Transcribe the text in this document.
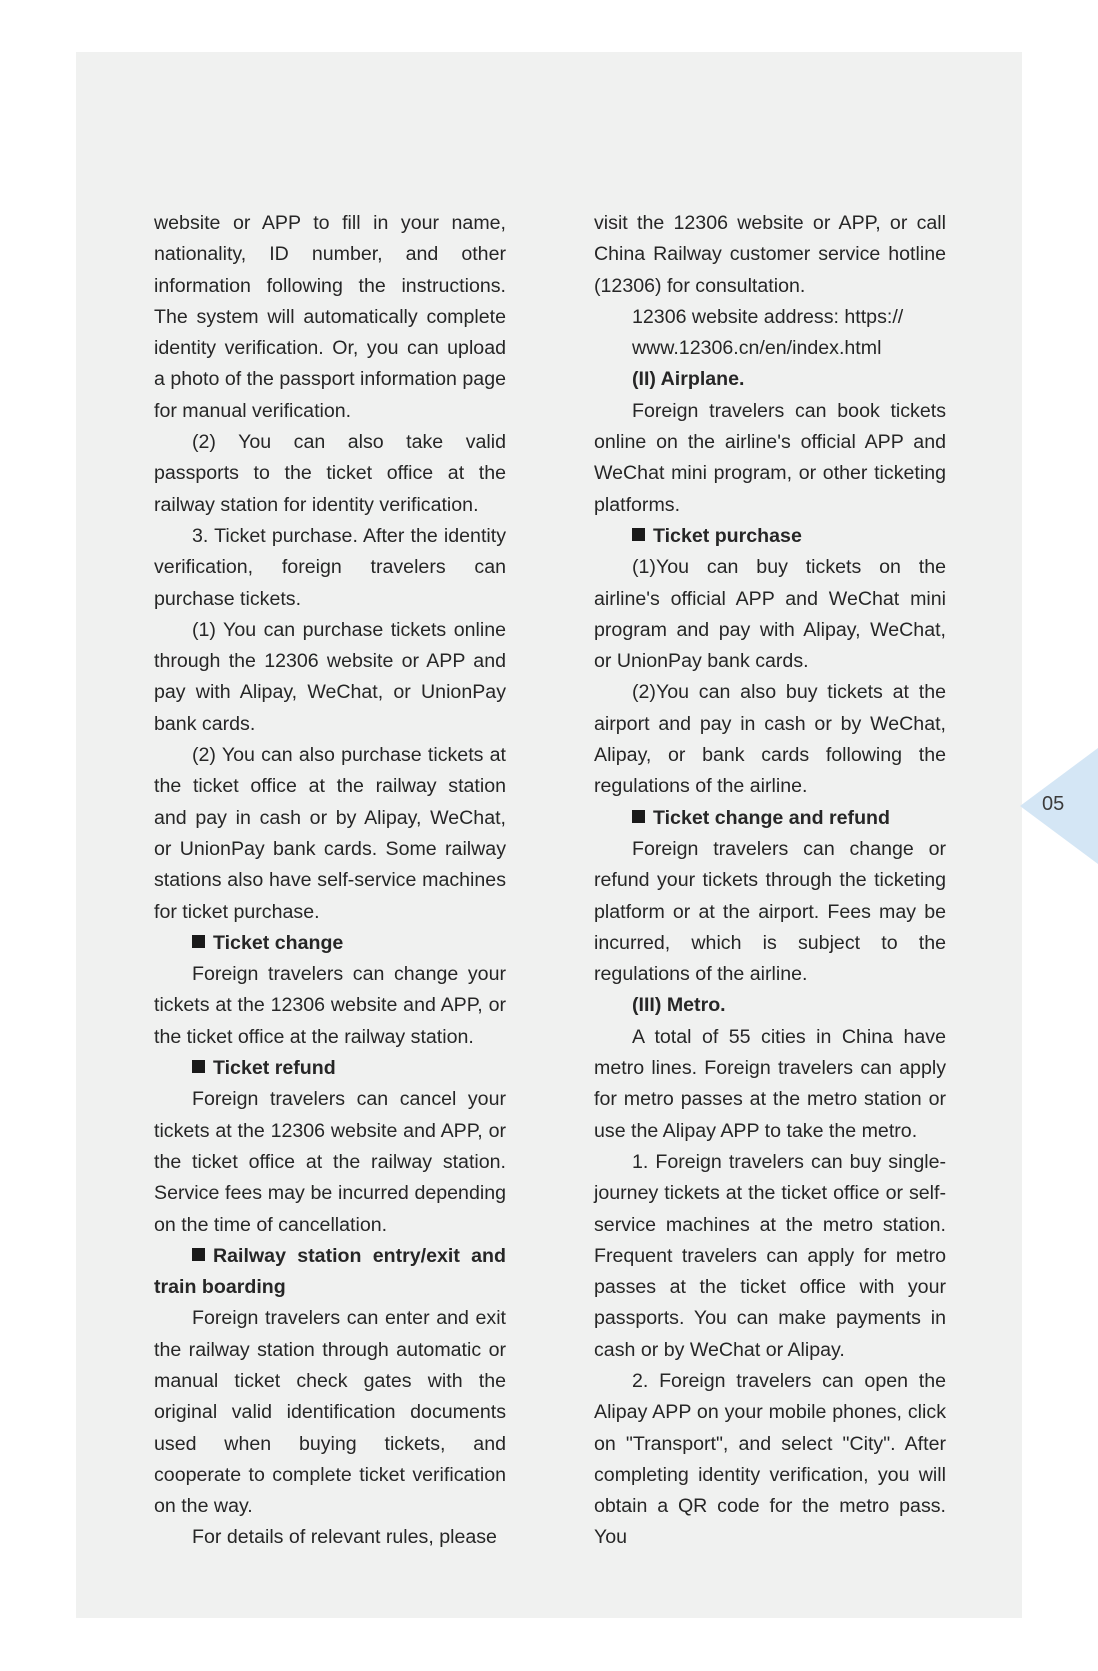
website or APP to fill in your name, nationality, ID number, and other information following the instructions. The system will automatically complete identity verification. Or, you can upload a photo of the passport information page for manual verification.

(2) You can also take valid passports to the ticket office at the railway station for identity verification.

3. Ticket purchase. After the identity verification, foreign travelers can purchase tickets.

(1) You can purchase tickets online through the 12306 website or APP and pay with Alipay, WeChat, or UnionPay bank cards.

(2) You can also purchase tickets at the ticket office at the railway station and pay in cash or by Alipay, WeChat, or UnionPay bank cards. Some railway stations also have self-service machines for ticket purchase.

Ticket change

Foreign travelers can change your tickets at the 12306 website and APP, or the ticket office at the railway station.

Ticket refund

Foreign travelers can cancel your tickets at the 12306 website and APP, or the ticket office at the railway station. Service fees may be incurred depending on the time of cancellation.

Railway station entry/exit and train boarding

Foreign travelers can enter and exit the railway station through automatic or manual ticket check gates with the original valid identification documents used when buying tickets, and cooperate to complete ticket verification on the way.

For details of relevant rules, please

visit the 12306 website or APP, or call China Railway customer service hotline (12306) for consultation.

12306 website address: https://

www.12306.cn/en/index.html

(II) Airplane.

Foreign travelers can book tickets online on the airline's official APP and WeChat mini program, or other ticketing platforms.

Ticket purchase

(1)You can buy tickets on the airline's official APP and WeChat mini program and pay with Alipay, WeChat, or UnionPay bank cards.

(2)You can also buy tickets at the airport and pay in cash or by WeChat, Alipay, or bank cards following the regulations of the airline.

Ticket change and refund

Foreign travelers can change or refund your tickets through the ticketing platform or at the airport. Fees may be incurred, which is subject to the regulations of the airline.

(III) Metro.

A total of 55 cities in China have metro lines. Foreign travelers can apply for metro passes at the metro station or use the Alipay APP to take the metro.

1. Foreign travelers can buy single-journey tickets at the ticket office or self-service machines at the metro station. Frequent travelers can apply for metro passes at the ticket office with your passports. You can make payments in cash or by WeChat or Alipay.

2. Foreign travelers can open the Alipay APP on your mobile phones, click on "Transport", and select "City". After completing identity verification, you will obtain a QR code for the metro pass. You

05
